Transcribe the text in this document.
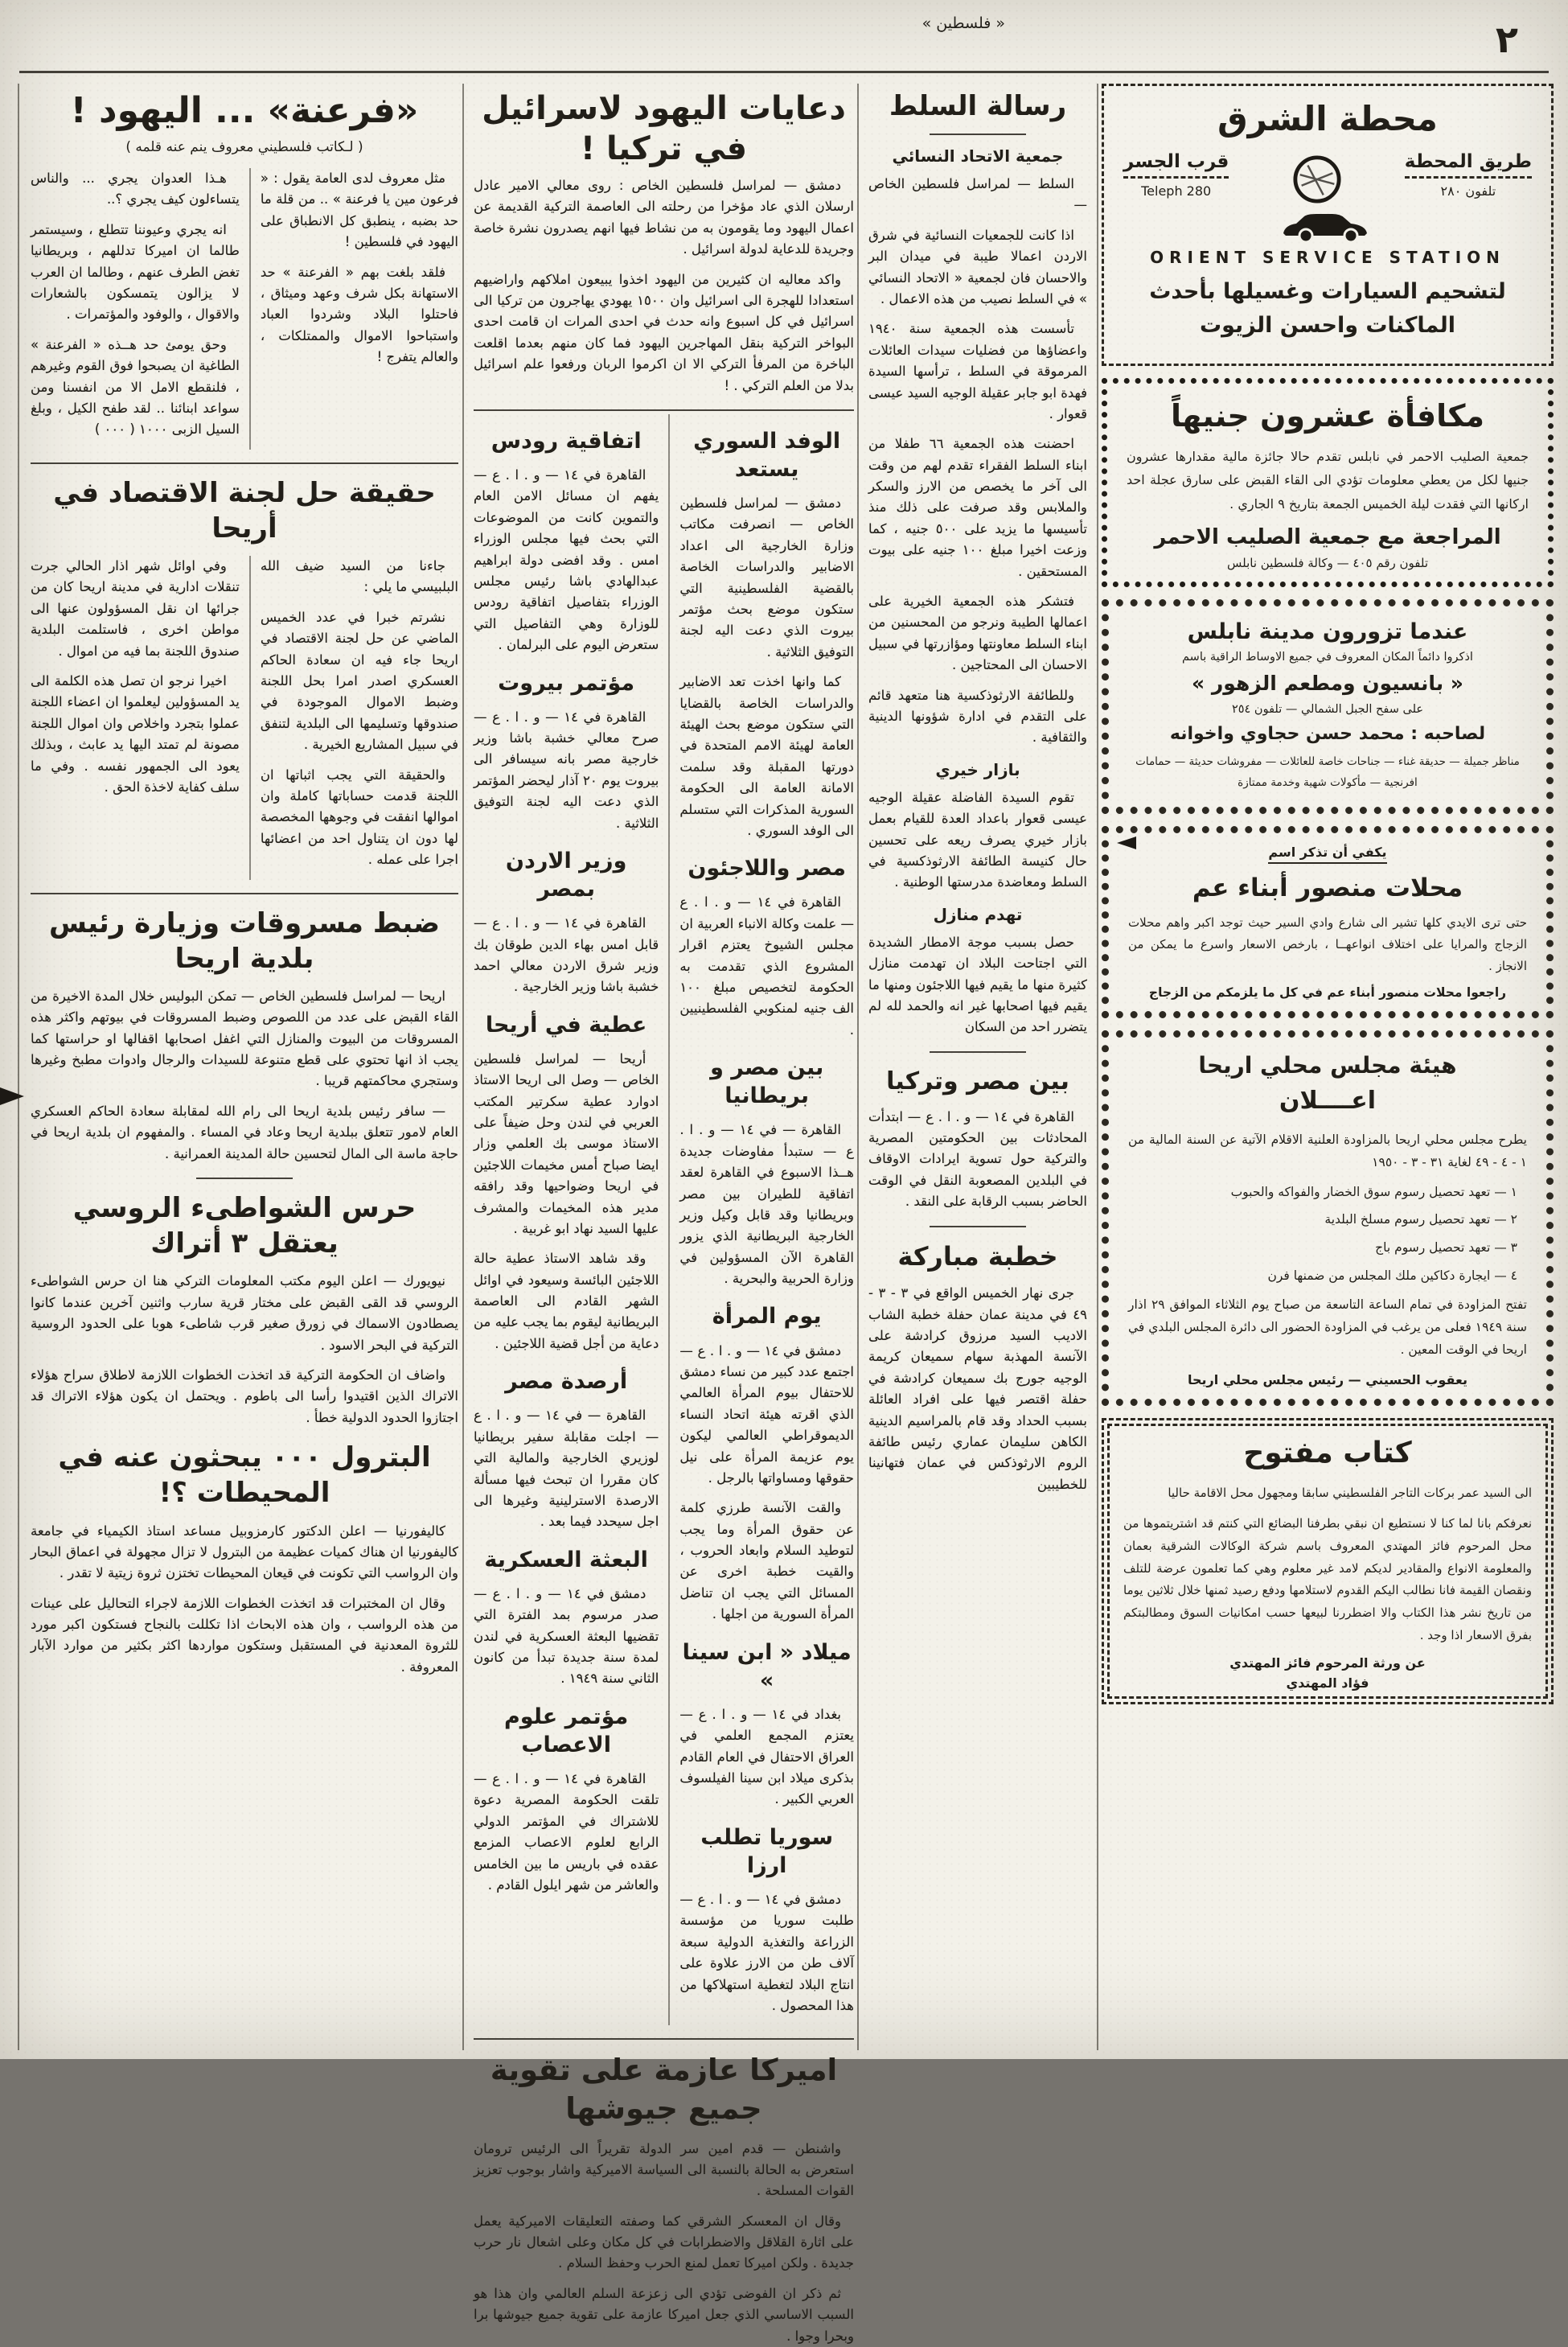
٢
« فلسطين »
«فرعنة» ... اليهود !
( لـكاتب فلسطيني معروف ينم عنه قلمه )

مثل معروف لدى العامة يقول : « فرعون مين يا فرعنة » .. من قلة ما حد بضبه ، ينطبق كل الانطباق على اليهود في فلسطين !

فلقد بلغت بهم « الفرعنة » حد الاستهانة بكل شرف وعهد وميثاق ، فاحتلوا البلاد وشردوا العباد واستباحوا الاموال والممتلكات ، والعالم يتفرج !

هـذا العدوان يجري ... والناس يتساءلون كيف يجري ؟..

انه يجري وعيوننا تتطلع ، وسيستمر طالما ان اميركا تدللهم ، وبريطانيا تغض الطرف عنهم ، وطالما ان العرب لا يزالون يتمسكون بالشعارات والاقوال ، والوفود والمؤتمرات .

وحق يومئ حد هــذه « الفرعنة » الطاغية ان يصبحوا فوق القوم وغيرهم ، فلنقطع الامل الا من انفسنا ومن سواعد ابنائنا .. لقد طفح الكيل ، وبلغ السيل الزبى ١٠٠٠ ( ٠٠٠ )

حقيقة حل لجنة الاقتصاد في أريحا

جاءنا من السيد ضيف الله البلبيسي ما يلي :

نشرتم خبرا في عدد الخميس الماضي عن حل لجنة الاقتصاد في اريحا جاء فيه ان سعادة الحاكم العسكري اصدر امرا بحل اللجنة وضبط الاموال الموجودة في صندوقها وتسليمها الى البلدية لتنفق في سبيل المشاريع الخيرية .

والحقيقة التي يجب اثباتها ان اللجنة قدمت حساباتها كاملة وان اموالها انفقت في وجوهها المخصصة لها دون ان يتناول احد من اعضائها اجرا على عمله .

وفي اوائل شهر اذار الحالي جرت تنقلات ادارية في مدينة اريحا كان من جرائها ان نقل المسؤولون عنها الى مواطن اخرى ، فاستلمت البلدية صندوق اللجنة بما فيه من اموال .

اخيرا نرجو ان تصل هذه الكلمة الى يد المسؤولين ليعلموا ان اعضاء اللجنة عملوا بتجرد واخلاص وان اموال اللجنة مصونة لم تمتد اليها يد عابث ، وبذلك يعود الى الجمهور نفسه . وفي ما سلف كفاية لاخذة الحق .

ضبط مسروقات وزيارة رئيس بلدية اريحا

اريحا — لمراسل فلسطين الخاص — تمكن البوليس خلال المدة الاخيرة من القاء القبض على عدد من اللصوص وضبط المسروقات في بيوتهم واكثر هذه المسروقات من البيوت والمنازل التي اغفل اصحابها اقفالها او حراستها كما يجب اذ انها تحتوي على قطع متنوعة للسيدات والرجال وادوات مطبخ وغيرها وستجري محاكمتهم قريبا .

— سافر رئيس بلدية اريحا الى رام الله لمقابلة سعادة الحاكم العسكري العام لامور تتعلق ببلدية اريحا وعاد في المساء . والمفهوم ان بلدية اريحا في حاجة ماسة الى المال لتحسين حالة المدينة العمرانية .

حرس الشواطىء الروسي يعتقل ٣ أتراك

نيويورك — اعلن اليوم مكتب المعلومات التركي هنا ان حرس الشواطىء الروسي قد القى القبض على مختار قرية سارب واثنين آخرين عندما كانوا يصطادون الاسماك في زورق صغير قرب شاطىء هوبا على الحدود الروسية التركية في البحر الاسود .

واضاف ان الحكومة التركية قد اتخذت الخطوات اللازمة لاطلاق سراح هؤلاء الاتراك الذين اقتيدوا رأسا الى باطوم . ويحتمل ان يكون هؤلاء الاتراك قد اجتازوا الحدود الدولية خطأ .

البترول ٠٠٠ يبحثون عنه في المحيطات ؟!

كاليفورنيا — اعلن الدكتور كارمزوبيل مساعد استاذ الكيمياء في جامعة كاليفورنيا ان هناك كميات عظيمة من البترول لا تزال مجهولة في اعماق البحار وان الرواسب التي تكونت في قيعان المحيطات تختزن ثروة زيتية لا تقدر .

وقال ان المختبرات قد اتخذت الخطوات اللازمة لاجراء التحاليل على عينات من هذه الرواسب ، وان هذه الابحاث اذا تكللت بالنجاح فستكون اكبر مورد للثروة المعدنية في المستقبل وستكون مواردها اكثر بكثير من موارد الآبار المعروفة .

دعايات اليهود لاسرائيل في تركيا !

دمشق — لمراسل فلسطين الخاص : روى معالي الامير عادل ارسلان الذي عاد مؤخرا من رحلته الى العاصمة التركية القديمة عن اعمال اليهود وما يقومون به من نشاط فيها انهم يصدرون نشرة خاصة وجريدة للدعاية لدولة اسرائيل .

واكد معاليه ان كثيرين من اليهود اخذوا يبيعون املاكهم واراضيهم استعدادا للهجرة الى اسرائيل وان ١٥٠٠ يهودي يهاجرون من تركيا الى اسرائيل في كل اسبوع وانه حدث في احدى المرات ان قامت احدى البواخر التركية بنقل المهاجرين اليهود فما كان منهم بعدما اقلعت الباخرة من المرفأ التركي الا ان اكرموا الربان ورفعوا علم اسرائيل بدلا من العلم التركي . !

الوفد السوري يستعد

دمشق — لمراسل فلسطين الخاص — انصرفت مكاتب وزارة الخارجية الى اعداد الاضابير والدراسات الخاصة بالقضية الفلسطينية التي ستكون موضع بحث مؤتمر بيروت الذي دعت اليه لجنة التوفيق الثلاثية .

كما وانها اخذت تعد الاضابير والدراسات الخاصة بالقضايا التي ستكون موضع بحث الهيئة العامة لهيئة الامم المتحدة في دورتها المقبلة وقد سلمت الامانة العامة الى الحكومة السورية المذكرات التي ستسلم الى الوفد السوري .

مصر واللاجئون

القاهرة في ١٤ — و . ا . ع — علمت وكالة الانباء العربية ان مجلس الشيوخ يعتزم اقرار المشروع الذي تقدمت به الحكومة لتخصيص مبلغ ١٠٠ الف جنيه لمنكوبي الفلسطينيين .

بين مصر و بريطانيا

القاهرة — في ١٤ — و . ا . ع — ستبدأ مفاوضات جديدة هــذا الاسبوع في القاهرة لعقد اتفاقية للطيران بين مصر وبريطانيا وقد قابل وكيل وزير الخارجية البريطانية الذي يزور القاهرة الآن المسؤولين في وزارة الحربية والبحرية .

يوم المرأة

دمشق في ١٤ — و . ا . ع — اجتمع عدد كبير من نساء دمشق للاحتفال بيوم المرأة العالمي الذي اقرته هيئة اتحاد النساء الديموقراطي العالمي ليكون يوم عزيمة المرأة على نيل حقوقها ومساواتها بالرجل .

والقت الآنسة طرزي كلمة عن حقوق المرأة وما يجب لتوطيد السلام وابعاد الحروب ، والقيت خطبة اخرى عن المسائل التي يجب ان تناضل المرأة السورية من اجلها .

ميلاد « ابن سينا »

بغداد في ١٤ — و . ا . ع — يعتزم المجمع العلمي في العراق الاحتفال في العام القادم بذكرى ميلاد ابن سينا الفيلسوف العربي الكبير .

سوريا تطلب ارزا

دمشق في ١٤ — و . ا . ع — طلبت سوريا من مؤسسة الزراعة والتغذية الدولية سبعة آلاف طن من الارز علاوة على انتاج البلاد لتغطية استهلاكها من هذا المحصول .

اتفاقية رودس

القاهرة في ١٤ — و . ا . ع — يفهم ان مسائل الامن العام والتموين كانت من الموضوعات التي بحث فيها مجلس الوزراء امس . وقد افضى دولة ابراهيم عبدالهادي باشا رئيس مجلس الوزراء بتفاصيل اتفاقية رودس للوزارة وهي التفاصيل التي ستعرض اليوم على البرلمان .

مؤتمر بيروت

القاهرة في ١٤ — و . ا . ع — صرح معالي خشبة باشا وزير خارجية مصر بانه سيسافر الى بيروت يوم ٢٠ آذار ليحضر المؤتمر الذي دعت اليه لجنة التوفيق الثلاثية .

وزير الاردن بمصر

القاهرة في ١٤ — و . ا . ع — قابل امس بهاء الدين طوقان بك وزير شرق الاردن معالي احمد خشبة باشا وزير الخارجية .

عطية في أريحا

أريحا — لمراسل فلسطين الخاص — وصل الى اريحا الاستاذ ادوارد عطية سكرتير المكتب العربي في لندن وحل ضيفاً على الاستاذ موسى بك العلمي وزار ايضا صباح أمس مخيمات اللاجئين في اريحا وضواحيها وقد رافقه مدير هذه المخيمات والمشرف عليها السيد نهاد ابو غربية .

وقد شاهد الاستاذ عطية حالة اللاجئين البائسة وسيعود في اوائل الشهر القادم الى العاصمة البريطانية ليقوم بما يجب عليه من دعاية من أجل قضية اللاجئين .

أرصدة مصر

القاهرة — في ١٤ — و . ا . ع — اجلت مقابلة سفير بريطانيا لوزيري الخارجية والمالية التي كان مقررا ان تبحث فيها مسألة الارصدة الاسترلينية وغيرها الى اجل سيحدد فيما بعد .

البعثة العسكرية

دمشق في ١٤ — و . ا . ع — صدر مرسوم بمد الفترة التي تقضيها البعثة العسكرية في لندن لمدة سنة جديدة تبدأ من كانون الثاني سنة ١٩٤٩ .

مؤتمر علوم الاعصاب

القاهرة في ١٤ — و . ا . ع — تلقت الحكومة المصرية دعوة للاشتراك في المؤتمر الدولي الرابع لعلوم الاعصاب المزمع عقده في باريس ما بين الخامس والعاشر من شهر ايلول القادم .

اميركا عازمة على تقوية جميع جيوشها

واشنطن — قدم امين سر الدولة تقريراً الى الرئيس ترومان استعرض به الحالة بالنسبة الى السياسة الاميركية واشار بوجوب تعزيز القوات المسلحة .

وقال ان المعسكر الشرقي كما وصفته التعليقات الاميركية يعمل على اثارة القلاقل والاضطرابات في كل مكان وعلى اشعال نار حرب جديدة . ولكن اميركا تعمل لمنع الحرب وحفظ السلام .

ثم ذكر ان الفوضى تؤدي الى زعزعة السلم العالمي وان هذا هو السبب الاساسي الذي جعل اميركا عازمة على تقوية جميع جيوشها برا وبحرا وجوا .

رسالة السلط
جمعية الاتحاد النسائي

السلط — لمراسل فلسطين الخاص —

اذا كانت للجمعيات النسائية في شرق الاردن اعمالا طيبة في ميدان البر والاحسان فان لجمعية « الاتحاد النسائي » في السلط نصيب من هذه الاعمال .

تأسست هذه الجمعية سنة ١٩٤٠ واعضاؤها من فضليات سيدات العائلات المرموقة في السلط ، ترأسها السيدة فهدة ابو جابر عقيلة الوجيه السيد عيسى قعوار .

احضنت هذه الجمعية ٦٦ طفلا من ابناء السلط الفقراء تقدم لهم من وقت الى آخر ما يخصص من الارز والسكر والملابس وقد صرفت على ذلك منذ تأسيسها ما يزيد على ٥٠٠ جنيه ، كما وزعت اخيرا مبلغ ١٠٠ جنيه على بيوت المستحقين .

فتشكر هذه الجمعية الخيرية على اعمالها الطيبة ونرجو من المحسنين من ابناء السلط معاونتها ومؤازرتها في سبيل الاحسان الى المحتاجين .

وللطائفة الارثوذكسية هنا متعهد قائم على التقدم في ادارة شؤونها الدينية والثقافية .

بازار خيري

تقوم السيدة الفاضلة عقيلة الوجيه عيسى قعوار باعداد العدة للقيام بعمل بازار خيري يصرف ريعه على تحسين حال كنيسة الطائفة الارثوذكسية في السلط ومعاضدة مدرستها الوطنية .

تهدم منازل

حصل بسبب موجة الامطار الشديدة التي اجتاحت البلاد ان تهدمت منازل كثيرة منها ما يقيم فيها اللاجئون ومنها ما يقيم فيها اصحابها غير انه والحمد لله لم يتضرر احد من السكان

بين مصر وتركيا

القاهرة في ١٤ — و . ا . ع — ابتدأت المحادثات بين الحكومتين المصرية والتركية حول تسوية ايرادات الاوقاف في البلدين المصعوبة النقل في الوقت الحاضر بسبب الرقابة على النقد .

خطبة مباركة

جرى نهار الخميس الواقع في ٣ - ٣ - ٤٩ في مدينة عمان حفلة خطبة الشاب الاديب السيد مرزوق كرادشة على الآنسة المهذبة سهام سميعان كريمة الوجيه جورج بك سميعان كرادشة في حفلة اقتصر فيها على افراد العائلة بسبب الحداد وقد قام بالمراسيم الدينية الكاهن سليمان عماري رئيس طائفة الروم الارثوذكس في عمان فتهانينا للخطيبين

محطة الشرق
طريق المحطة
تلفون ٢٨٠
قرب الجسر
Teleph 280
ORIENT SERVICE STATION
لتشحيم السيارات وغسيلها بأحدث الماكنات واحسن الزيوت
مكافأة عشرون جنيهاً

جمعية الصليب الاحمر في نابلس تقدم حالا جائزة مالية مقدارها عشرون جنيها لكل من يعطي معلومات تؤدي الى القاء القبض على سارق عجلة احد اركانها التي فقدت ليلة الخميس الجمعة بتاريخ ٩ الجاري .

المراجعة مع جمعية الصليب الاحمر
تلفون رقم ٤٠٥ — وكالة فلسطين نابلس
عندما تزورون مدينة نابلس
اذكروا دائماً المكان المعروف في جميع الاوساط الراقية باسم
« بانسيون ومطعم الزهور »
على سفح الجبل الشمالي — تلفون ٢٥٤
لصاحبه : محمد حسن حجاوي واخوانه
مناظر جميلة — حديقة غناء — جناحات خاصة للعائلات — مفروشات حديثة — حمامات افرنجية — مأكولات شهية وخدمة ممتازة
يكفي أن تذكر اسم
محلات منصور أبناء عم

حتى ترى الايدي كلها تشير الى شارع وادي السير حيث توجد اكبر واهم محلات الزجاج والمرايا على اختلاف انواعهــا ، بارخص الاسعار واسرع ما يمكن من الانجاز .

راجعوا محلات منصور أبناء عم في كل ما يلزمكم من الزجاج
هيئة مجلس محلي اريحا
اعــــلان

يطرح مجلس محلي اريحا بالمزاودة العلنية الاقلام الآتية عن السنة المالية من ١ - ٤ - ٤٩ لغاية ٣١ - ٣ - ١٩٥٠

١ — تعهد تحصيل رسوم سوق الخضار والفواكه والحبوب
٢ — تعهد تحصيل رسوم مسلخ البلدية
٣ — تعهد تحصيل رسوم باج
٤ — ايجارة دكاكين ملك المجلس من ضمنها فرن

تفتح المزاودة في تمام الساعة التاسعة من صباح يوم الثلاثاء الموافق ٢٩ اذار سنة ١٩٤٩ فعلى من يرغب في المزاودة الحضور الى دائرة المجلس البلدي في اريحا في الوقت المعين .

يعقوب الحسيني — رئيس مجلس محلي اريحا
كتاب مفتوح

الى السيد عمر بركات التاجر الفلسطيني سابقا ومجهول محل الاقامة حاليا

نعرفكم بانا لما كنا لا نستطيع ان نبقي بطرفنا البضائع التي كنتم قد اشتريتموها من محل المرحوم فائز المهتدي المعروف باسم شركة الوكالات الشرقية بعمان والمعلومة الانواع والمقادير لديكم لامد غير معلوم وهي كما تعلمون عرضة للتلف ونقصان القيمة فانا نطالب اليكم القدوم لاستلامها ودفع رصيد ثمنها خلال ثلاثين يوما من تاريخ نشر هذا الكتاب والا اضطررنا لبيعها حسب امكانيات السوق ومطالبتكم بفرق الاسعار اذا وجد .

عن ورثة المرحوم فائز المهتدي
فؤاد المهتدي
